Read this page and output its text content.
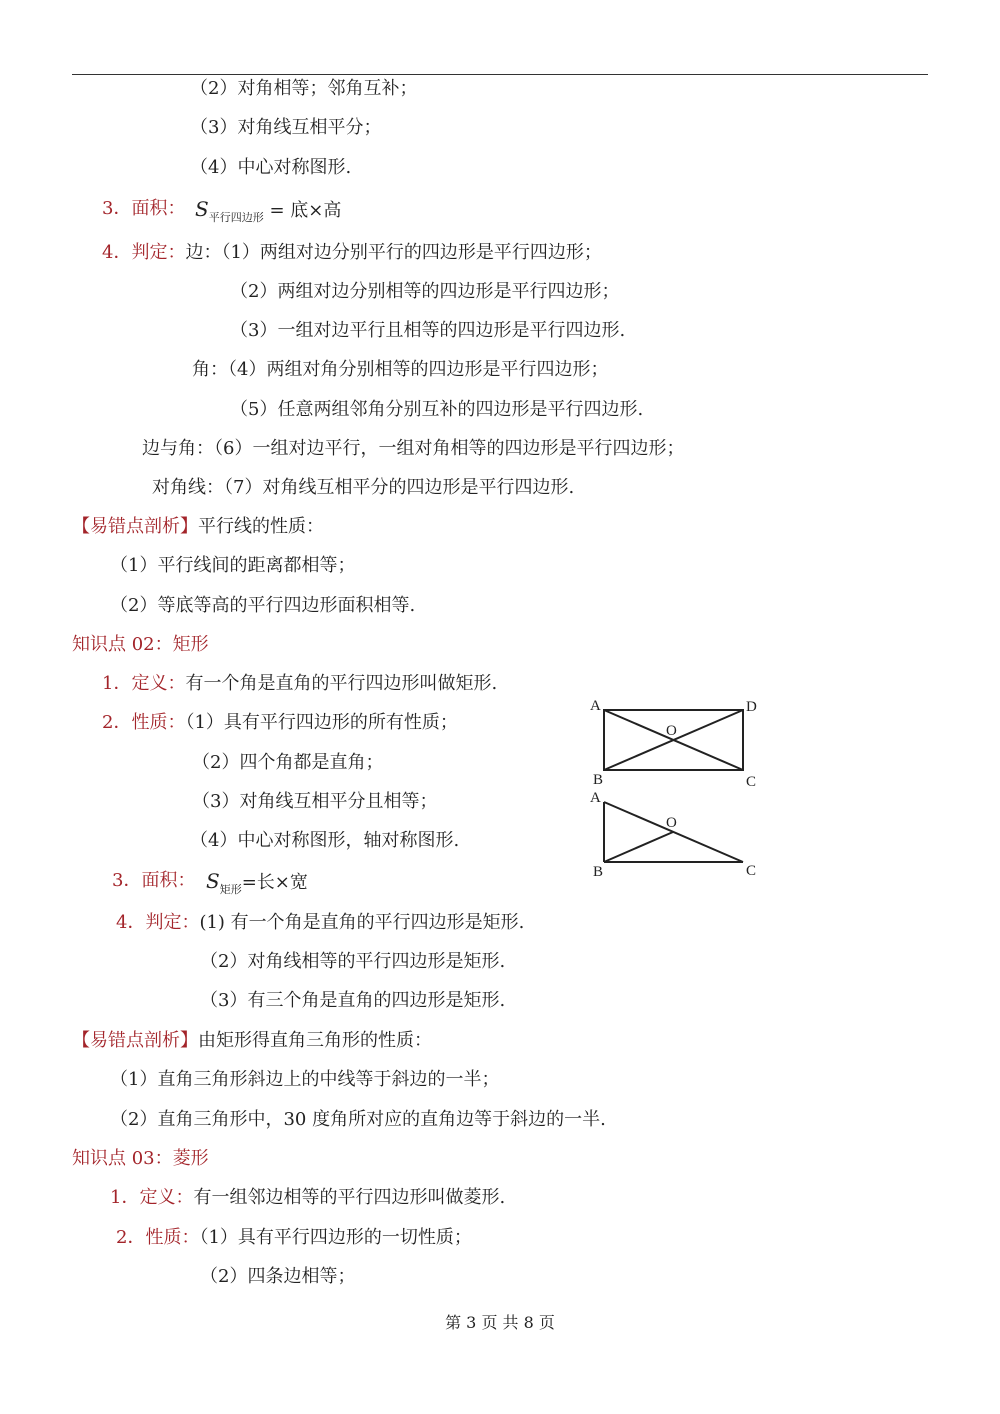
（2）对角相等；邻角互补；
（3）对角线互相平分；
（4）中心对称图形.
3．面积：
4．判定：边：（1）两组对边分别平行的四边形是平行四边形；
（2）两组对边分别相等的四边形是平行四边形；
（3）一组对边平行且相等的四边形是平行四边形.
角：（4）两组对角分别相等的四边形是平行四边形；
（5）任意两组邻角分别互补的四边形是平行四边形.
边与角：（6）一组对边平行，一组对角相等的四边形是平行四边形；
对角线：（7）对角线互相平分的四边形是平行四边形.
【易错点剖析】平行线的性质：
（1）平行线间的距离都相等；
（2）等底等高的平行四边形面积相等.
知识点 02：矩形
1．定义：有一个角是直角的平行四边形叫做矩形.
2．性质：（1）具有平行四边形的所有性质；
（2）四个角都是直角；
（3）对角线互相平分且相等；
（4）中心对称图形，轴对称图形.
3．面积：
4．判定：(1) 有一个角是直角的平行四边形是矩形.
（2）对角线相等的平行四边形是矩形.
（3）有三个角是直角的四边形是矩形.
【易错点剖析】由矩形得直角三角形的性质：
（1）直角三角形斜边上的中线等于斜边的一半；
（2）直角三角形中，30 度角所对应的直角边等于斜边的一半.
知识点 03：菱形
1．定义：有一组邻边相等的平行四边形叫做菱形.
2．性质：（1）具有平行四边形的一切性质；
（2）四条边相等；
$S_{平行四边形}$ = 底×高
$S_{矩形}=$长×宽
A	D
O
B	C
A
O
B	C
第 3 页 共 8 页
